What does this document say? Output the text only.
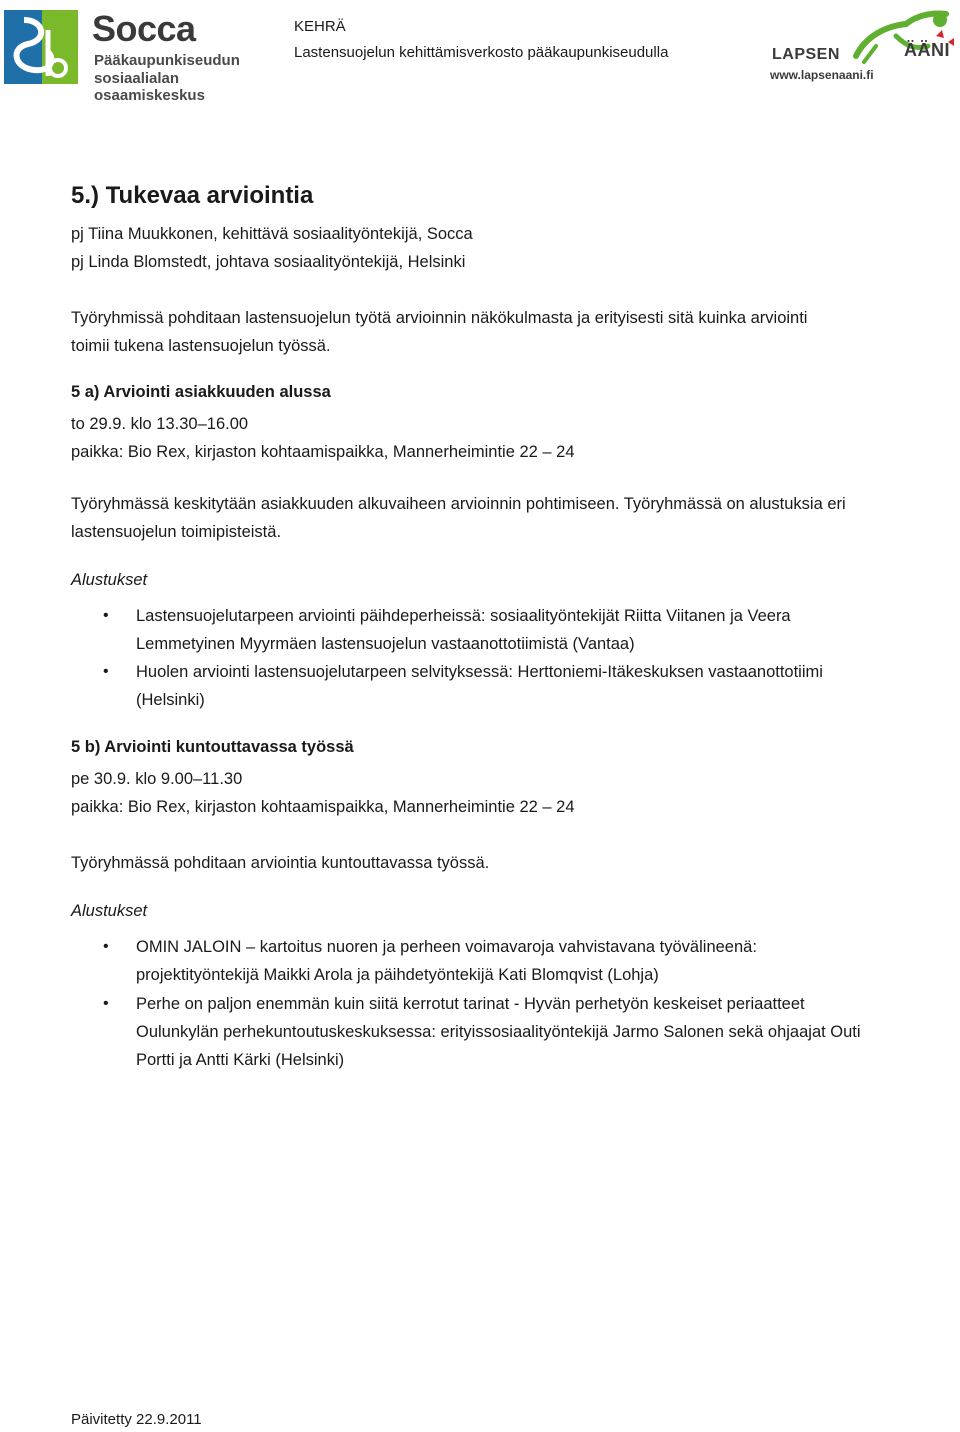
Socca
Pääkaupunkiseudun
sosiaalialan osaamiskeskus
KEHRÄ
Lastensuojelun kehittämisverkosto pääkaupunkiseudulla	LAPSEN	ÄÄNI
www.lapsenaani.fi
5.) Tukevaa arviointia
pj Tiina Muukkonen, kehittävä sosiaalityöntekijä, Socca
pj Linda Blomstedt, johtava sosiaalityöntekijä, Helsinki
Työryhmissä pohditaan lastensuojelun työtä arvioinnin näkökulmasta ja erityisesti sitä kuinka arviointi
toimii tukena lastensuojelun työssä.
5 a) Arviointi asiakkuuden alussa
to 29.9. klo 13.30–16.00
paikka: Bio Rex, kirjaston kohtaamispaikka, Mannerheimintie 22 – 24
Työryhmässä keskitytään asiakkuuden alkuvaiheen arvioinnin pohtimiseen. Työryhmässä on alustuksia eri
lastensuojelun toimipisteistä.
Alustukset
• Lastensuojelutarpeen arviointi päihdeperheissä: sosiaalityöntekijät Riitta Viitanen ja Veera
Lemmetyinen Myyrmäen lastensuojelun vastaanottotiimistä (Vantaa)
• Huolen arviointi lastensuojelutarpeen selvityksessä: Herttoniemi-Itäkeskuksen vastaanottotiimi
(Helsinki)
5 b) Arviointi kuntouttavassa työssä
pe 30.9. klo 9.00–11.30
paikka: Bio Rex, kirjaston kohtaamispaikka, Mannerheimintie 22 – 24
Työryhmässä pohditaan arviointia kuntouttavassa työssä.
Alustukset
• OMIN JALOIN – kartoitus nuoren ja perheen voimavaroja vahvistavana työvälineenä:
projektityöntekijä Maikki Arola ja päihdetyöntekijä Kati Blomqvist (Lohja)
• Perhe on paljon enemmän kuin siitä kerrotut tarinat - Hyvän perhetyön keskeiset periaatteet
Oulunkylän perhekuntoutuskeskuksessa: erityissosiaalityöntekijä Jarmo Salonen sekä ohjaajat Outi
Portti ja Antti Kärki (Helsinki)
Päivitetty 22.9.2011
